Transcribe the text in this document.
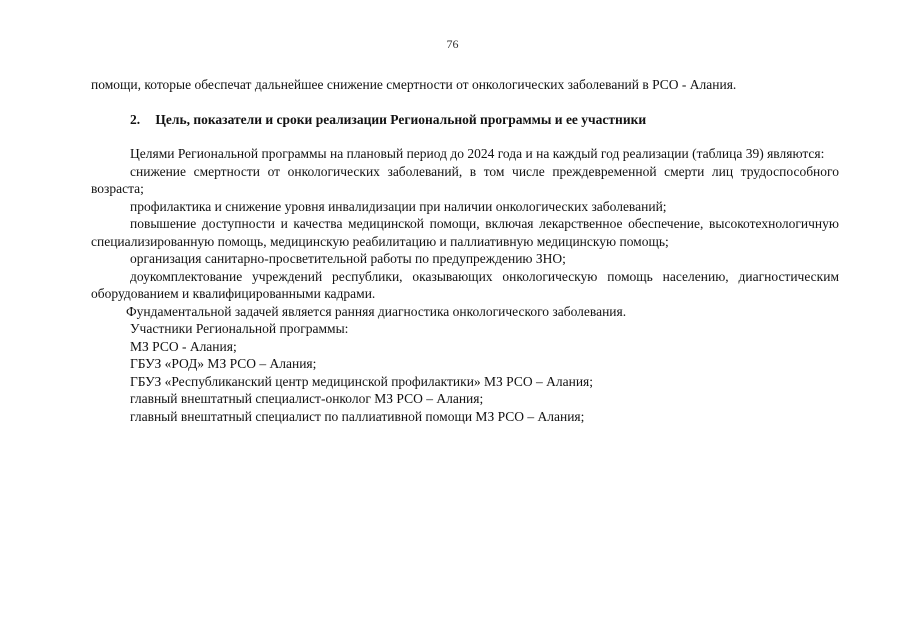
76

помощи, которые обеспечат дальнейшее снижение смертности от онкологических заболеваний в РСО - Алания.

2. Цель, показатели и сроки реализации Региональной программы и ее участники

Целями Региональной программы на плановый период до 2024 года и на каждый год реализации (таблица 39) являются:

снижение смертности от онкологических заболеваний, в том числе преждевременной смерти лиц трудоспособного возраста;

профилактика и снижение уровня инвалидизации при наличии онкологических заболеваний;

повышение доступности и качества медицинской помощи, включая лекарственное обеспечение, высокотехнологичную специализированную помощь, медицинскую реабилитацию и паллиативную медицинскую помощь;

организация санитарно-просветительной работы по предупреждению ЗНО;

доукомплектование учреждений республики, оказывающих онкологическую помощь населению, диагностическим оборудованием и квалифицированными кадрами.

Фундаментальной задачей является ранняя диагностика онкологического заболевания.

Участники Региональной программы:

МЗ РСО - Алания;

ГБУЗ «РОД» МЗ РСО – Алания;

ГБУЗ «Республиканский центр медицинской профилактики» МЗ РСО – Алания;

главный внештатный специалист-онколог МЗ РСО – Алания;

главный внештатный специалист по паллиативной помощи МЗ РСО – Алания;
